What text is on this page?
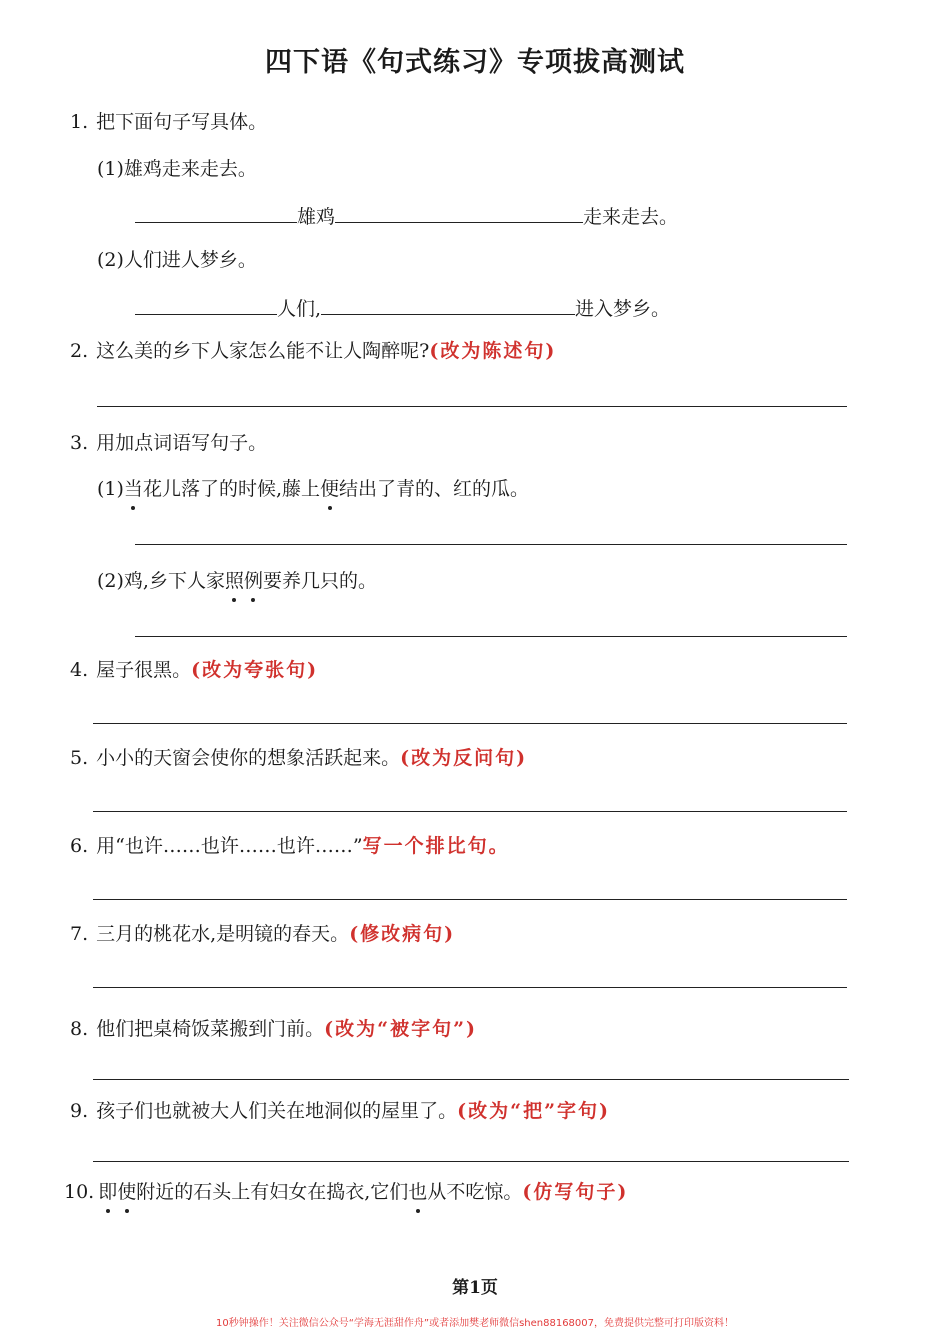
四下语《句式练习》专项拔高测试
1. 把下面句子写具体。
(1)雄鸡走来走去。
雄鸡	走来走去。
(2)人们进人梦乡。
人们,	进入梦乡。
2. 这么美的乡下人家怎么能不让人陶醉呢?(改为陈述句)
3. 用加点词语写句子。
(1)当花儿落了的时候,藤上便结出了青的、红的瓜。
(2)鸡,乡下人家照例要养几只的。
4. 屋子很黑。(改为夸张句)
5. 小小的天窗会使你的想象活跃起来。(改为反问句)
6. 用“也许……也许……也许……”写一个排比句。
7. 三月的桃花水,是明镜的春天。(修改病句)
8. 他们把桌椅饭菜搬到门前。(改为“被字句”)
9. 孩子们也就被大人们关在地洞似的屋里了。(改为“把”字句)
10. 即使附近的石头上有妇女在捣衣,它们也从不吃惊。(仿写句子)
第1页
10秒钟操作！关注微信公众号“学海无涯甜作舟”或者添加樊老师微信shen88168007，免费提供完整可打印版资料！
